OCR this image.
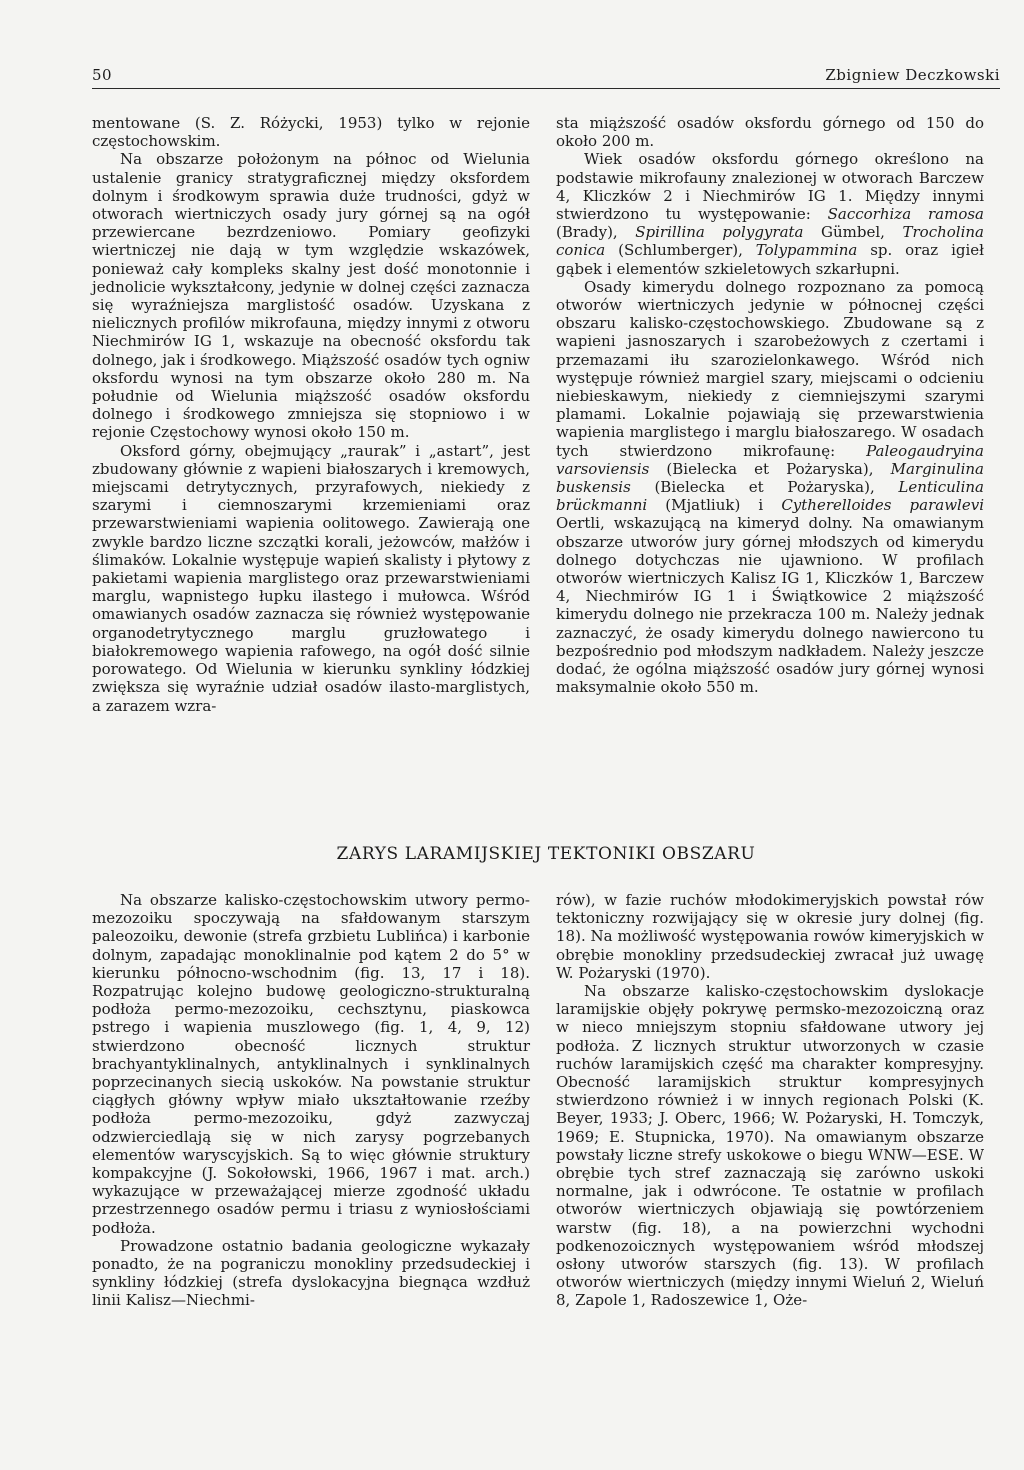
50	Zbigniew Deczkowski

mentowane (S. Z. Różycki, 1953) tylko w rejonie częstochowskim.

Na obszarze położonym na północ od Wielunia ustalenie granicy stratygraficznej między oksfordem dolnym i środkowym sprawia duże trudności, gdyż w otworach wiertniczych osady jury górnej są na ogół przewiercane bezrdzeniowo. Pomiary geofizyki wiertniczej nie dają w tym względzie wskazówek, ponieważ cały kompleks skalny jest dość monotonnie i jednolicie wykształcony, jedynie w dolnej części zaznacza się wyraźniejsza marglistość osadów. Uzyskana z nielicznych profilów mikrofauna, między innymi z otworu Niechmirów IG 1, wskazuje na obecność oksfordu tak dolnego, jak i środkowego. Miąższość osadów tych ogniw oksfordu wynosi na tym obszarze około 280 m. Na południe od Wielunia miąższość osadów oksfordu dolnego i środkowego zmniejsza się stopniowo i w rejonie Częstochowy wynosi około 150 m.

Oksford górny, obejmujący „raurak” i „astart”, jest zbudowany głównie z wapieni białoszarych i kremowych, miejscami detrytycznych, przyrafowych, niekiedy z szarymi i ciemnoszarymi krzemieniami oraz przewarstwieniami wapienia oolitowego. Zawierają one zwykle bardzo liczne szczątki korali, jeżowców, małżów i ślimaków. Lokalnie występuje wapień skalisty i płytowy z pakietami wapienia marglistego oraz przewarstwieniami marglu, wapnistego łupku ilastego i mułowca. Wśród omawianych osadów zaznacza się również występowanie organodetrytycznego marglu gruzłowatego i białokremowego wapienia rafowego, na ogół dość silnie porowatego. Od Wielunia w kierunku synkliny łódzkiej zwiększa się wyraźnie udział osadów ilasto-marglistych, a zarazem wzra-

sta miąższość osadów oksfordu górnego od 150 do około 200 m.

Wiek osadów oksfordu górnego określono na podstawie mikrofauny znalezionej w otworach Barczew 4, Kliczków 2 i Niechmirów IG 1. Między innymi stwierdzono tu występowanie: Saccorhiza ramosa (Brady), Spirillina polygyrata Gümbel, Trocholina conica (Schlumberger), Tolypammina sp. oraz igieł gąbek i elementów szkieletowych szkarłupni.

Osady kimerydu dolnego rozpoznano za pomocą otworów wiertniczych jedynie w północnej części obszaru kalisko-częstochowskiego. Zbudowane są z wapieni jasnoszarych i szarobeżowych z czertami i przemazami iłu szarozielonkawego. Wśród nich występuje również margiel szary, miejscami o odcieniu niebieskawym, niekiedy z ciemniejszymi szarymi plamami. Lokalnie pojawiają się przewarstwienia wapienia marglistego i marglu białoszarego. W osadach tych stwierdzono mikrofaunę: Paleogaudryina varsoviensis (Bielecka et Pożaryska), Marginulina buskensis (Bielecka et Pożaryska), Lenticulina brückmanni (Mjatliuk) i Cytherelloides parawlevi Oertli, wskazującą na kimeryd dolny. Na omawianym obszarze utworów jury górnej młodszych od kimerydu dolnego dotychczas nie ujawniono. W profilach otworów wiertniczych Kalisz IG 1, Kliczków 1, Barczew 4, Niechmirów IG 1 i Świątkowice 2 miąższość kimerydu dolnego nie przekracza 100 m. Należy jednak zaznaczyć, że osady kimerydu dolnego nawiercono tu bezpośrednio pod młodszym nadkładem. Należy jeszcze dodać, że ogólna miąższość osadów jury górnej wynosi maksymalnie około 550 m.

ZARYS LARAMIJSKIEJ TEKTONIKI OBSZARU

Na obszarze kalisko-częstochowskim utwory permo-mezozoiku spoczywają na sfałdowanym starszym paleozoiku, dewonie (strefa grzbietu Lublińca) i karbonie dolnym, zapadając monoklinalnie pod kątem 2 do 5° w kierunku północno-wschodnim (fig. 13, 17 i 18). Rozpatrując kolejno budowę geologiczno-strukturalną podłoża permo-mezozoiku, cechsztynu, piaskowca pstrego i wapienia muszlowego (fig. 1, 4, 9, 12) stwierdzono obecność licznych struktur brachyantyklinalnych, antyklinalnych i synklinalnych poprzecinanych siecią uskoków. Na powstanie struktur ciągłych główny wpływ miało ukształtowanie rzeźby podłoża permo-mezozoiku, gdyż zazwyczaj odzwierciedlają się w nich zarysy pogrzebanych elementów waryscyjskich. Są to więc głównie struktury kompakcyjne (J. Sokołowski, 1966, 1967 i mat. arch.) wykazujące w przeważającej mierze zgodność układu przestrzennego osadów permu i triasu z wyniosłościami podłoża.

Prowadzone ostatnio badania geologiczne wykazały ponadto, że na pograniczu monokliny przedsudeckiej i synkliny łódzkiej (strefa dyslokacyjna biegnąca wzdłuż linii Kalisz—Niechmi-

rów), w fazie ruchów młodokimeryjskich powstał rów tektoniczny rozwijający się w okresie jury dolnej (fig. 18). Na możliwość występowania rowów kimeryjskich w obrębie monokliny przedsudeckiej zwracał już uwagę W. Pożaryski (1970).

Na obszarze kalisko-częstochowskim dyslokacje laramijskie objęły pokrywę permsko-mezozoiczną oraz w nieco mniejszym stopniu sfałdowane utwory jej podłoża. Z licznych struktur utworzonych w czasie ruchów laramijskich część ma charakter kompresyjny. Obecność laramijskich struktur kompresyjnych stwierdzono również i w innych regionach Polski (K. Beyer, 1933; J. Oberc, 1966; W. Pożaryski, H. Tomczyk, 1969; E. Stupnicka, 1970). Na omawianym obszarze powstały liczne strefy uskokowe o biegu WNW—ESE. W obrębie tych stref zaznaczają się zarówno uskoki normalne, jak i odwrócone. Te ostatnie w profilach otworów wiertniczych objawiają się powtórzeniem warstw (fig. 18), a na powierzchni wychodni podkenozoicznych występowaniem wśród młodszej osłony utworów starszych (fig. 13). W profilach otworów wiertniczych (między innymi Wieluń 2, Wieluń 8, Zapole 1, Radoszewice 1, Oże-
